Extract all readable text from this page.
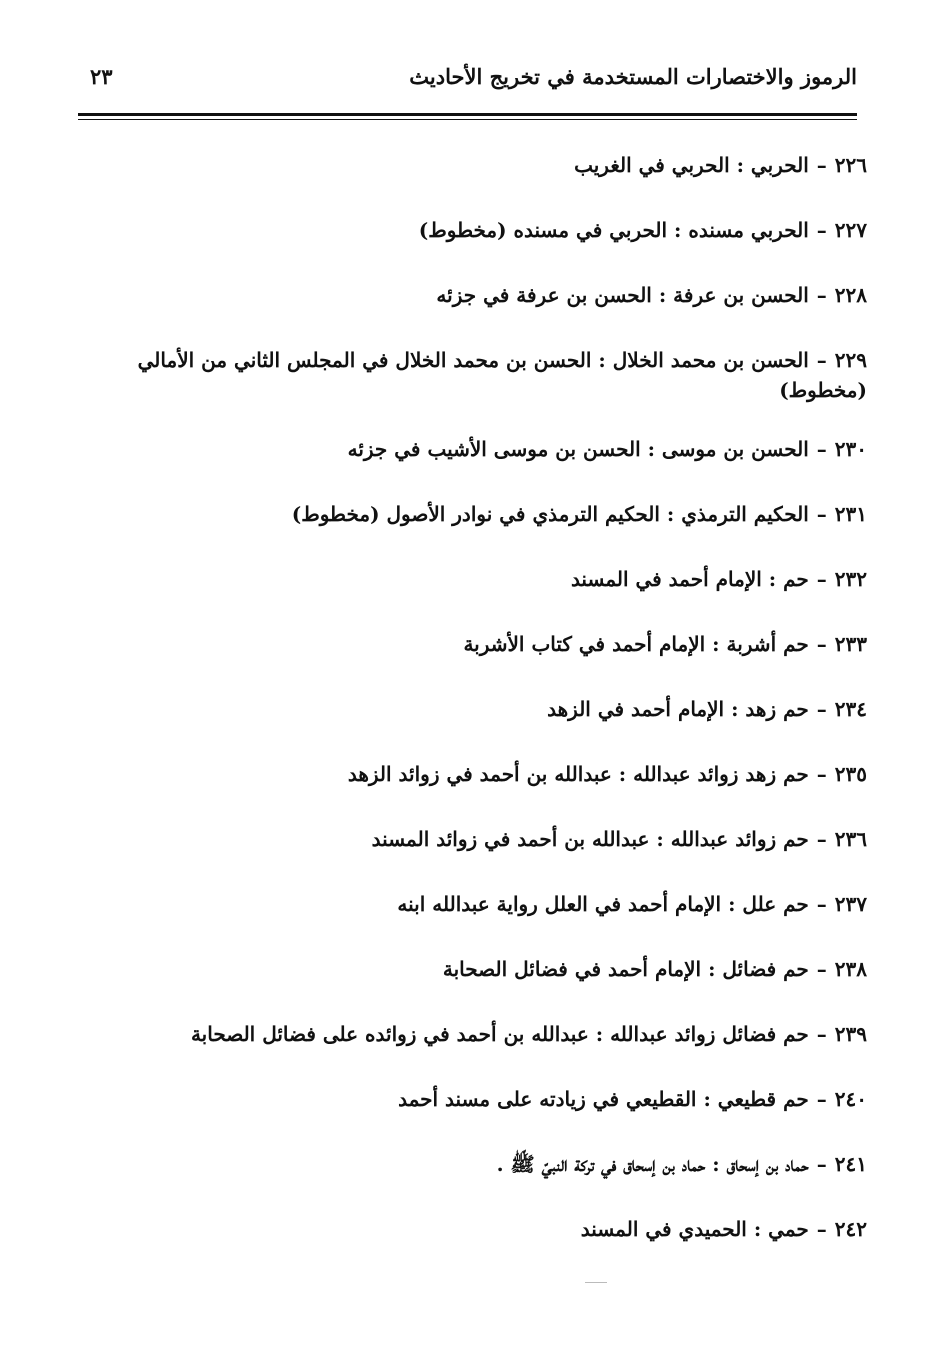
الرموز والاختصارات المستخدمة في تخريج الأحاديث
٢٣
٢٢٦–الحربي : الحربي في الغريب
٢٢٧–الحربي مسنده : الحربي في مسنده (مخطوط)
٢٢٨–الحسن بن عرفة : الحسن بن عرفة في جزئه
٢٢٩–الحسن بن محمد الخلال : الحسن بن محمد الخلال في المجلس الثاني من الأمالي (مخطوط)
٢٣٠–الحسن بن موسى : الحسن بن موسى الأشيب في جزئه
٢٣١–الحكيم الترمذي : الحكيم الترمذي في نوادر الأصول (مخطوط)
٢٣٢–حم : الإمام أحمد في المسند
٢٣٣–حم أشربة : الإمام أحمد في كتاب الأشربة
٢٣٤–حم زهد : الإمام أحمد في الزهد
٢٣٥–حم زهد زوائد عبدالله : عبدالله بن أحمد في زوائد الزهد
٢٣٦–حم زوائد عبدالله : عبدالله بن أحمد في زوائد المسند
٢٣٧–حم علل : الإمام أحمد في العلل رواية عبدالله ابنه
٢٣٨–حم فضائل : الإمام أحمد في فضائل الصحابة
٢٣٩–حم فضائل زوائد عبدالله : عبدالله بن أحمد في زوائده على فضائل الصحابة
٢٤٠–حم قطيعي : القطيعي في زيادته على مسند أحمد
٢٤١–حماد بن إسحاق : حماد بن إسحاق في تركة النبيّ ﷺ .
٢٤٢–حمي : الحميدي في المسند
